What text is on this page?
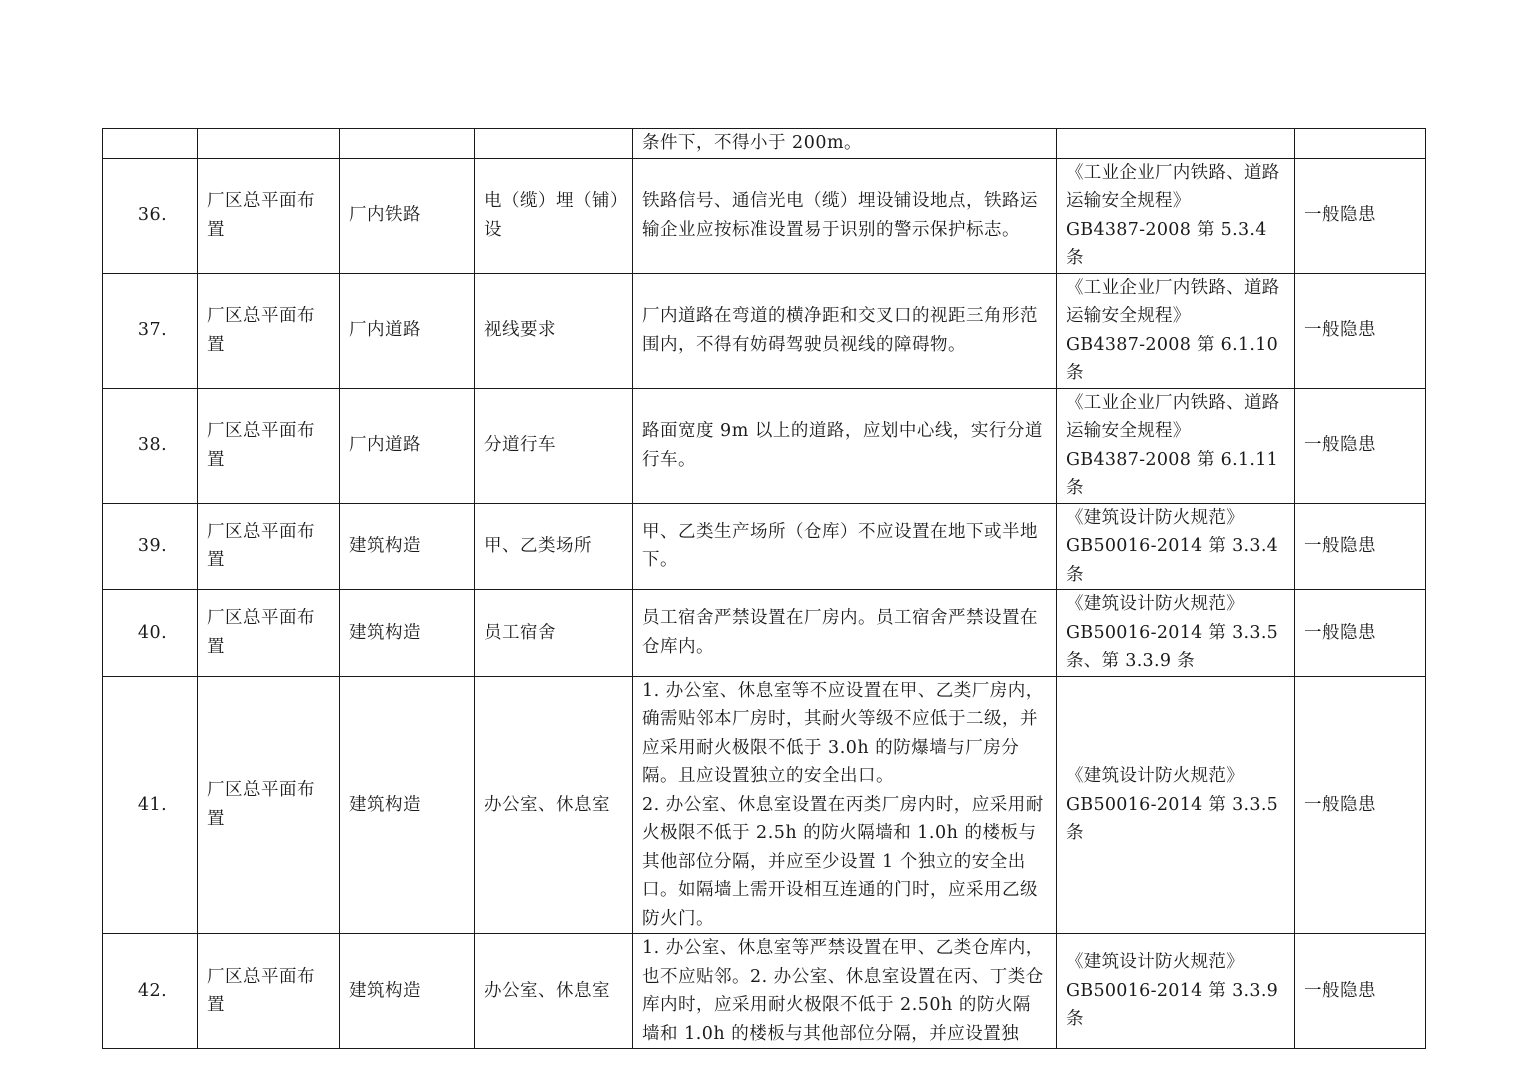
				条件下，不得小于 200m。		
36.	厂区总平面布置	厂内铁路	电（缆）埋（铺）设	铁路信号、通信光电（缆）埋设铺设地点，铁路运输企业应按标准设置易于识别的警示保护标志。	《工业企业厂内铁路、道路运输安全规程》
GB4387-2008 第 5.3.4 条	一般隐患
37.	厂区总平面布置	厂内道路	视线要求	厂内道路在弯道的横净距和交叉口的视距三角形范围内，不得有妨碍驾驶员视线的障碍物。	《工业企业厂内铁路、道路运输安全规程》
GB4387-2008 第 6.1.10 条	一般隐患
38.	厂区总平面布置	厂内道路	分道行车	路面宽度 9m 以上的道路，应划中心线，实行分道行车。	《工业企业厂内铁路、道路运输安全规程》
GB4387-2008 第 6.1.11 条	一般隐患
39.	厂区总平面布置	建筑构造	甲、乙类场所	甲、乙类生产场所（仓库）不应设置在地下或半地下。	《建筑设计防火规范》
GB50016-2014 第 3.3.4 条	一般隐患
40.	厂区总平面布置	建筑构造	员工宿舍	员工宿舍严禁设置在厂房内。员工宿舍严禁设置在仓库内。	《建筑设计防火规范》
GB50016-2014 第 3.3.5 条、第 3.3.9 条	一般隐患
41.	厂区总平面布置	建筑构造	办公室、休息室	1. 办公室、休息室等不应设置在甲、乙类厂房内，确需贴邻本厂房时，其耐火等级不应低于二级，并应采用耐火极限不低于 3.0h 的防爆墙与厂房分隔。且应设置独立的安全出口。
2. 办公室、休息室设置在丙类厂房内时，应采用耐火极限不低于 2.5h 的防火隔墙和 1.0h 的楼板与其他部位分隔，并应至少设置 1 个独立的安全出口。如隔墙上需开设相互连通的门时，应采用乙级防火门。	《建筑设计防火规范》
GB50016-2014 第 3.3.5 条	一般隐患
42.	厂区总平面布置	建筑构造	办公室、休息室	1. 办公室、休息室等严禁设置在甲、乙类仓库内，也不应贴邻。2. 办公室、休息室设置在丙、丁类仓库内时，应采用耐火极限不低于 2.50h 的防火隔墙和 1.0h 的楼板与其他部位分隔，并应设置独	《建筑设计防火规范》
GB50016-2014 第 3.3.9 条	一般隐患
